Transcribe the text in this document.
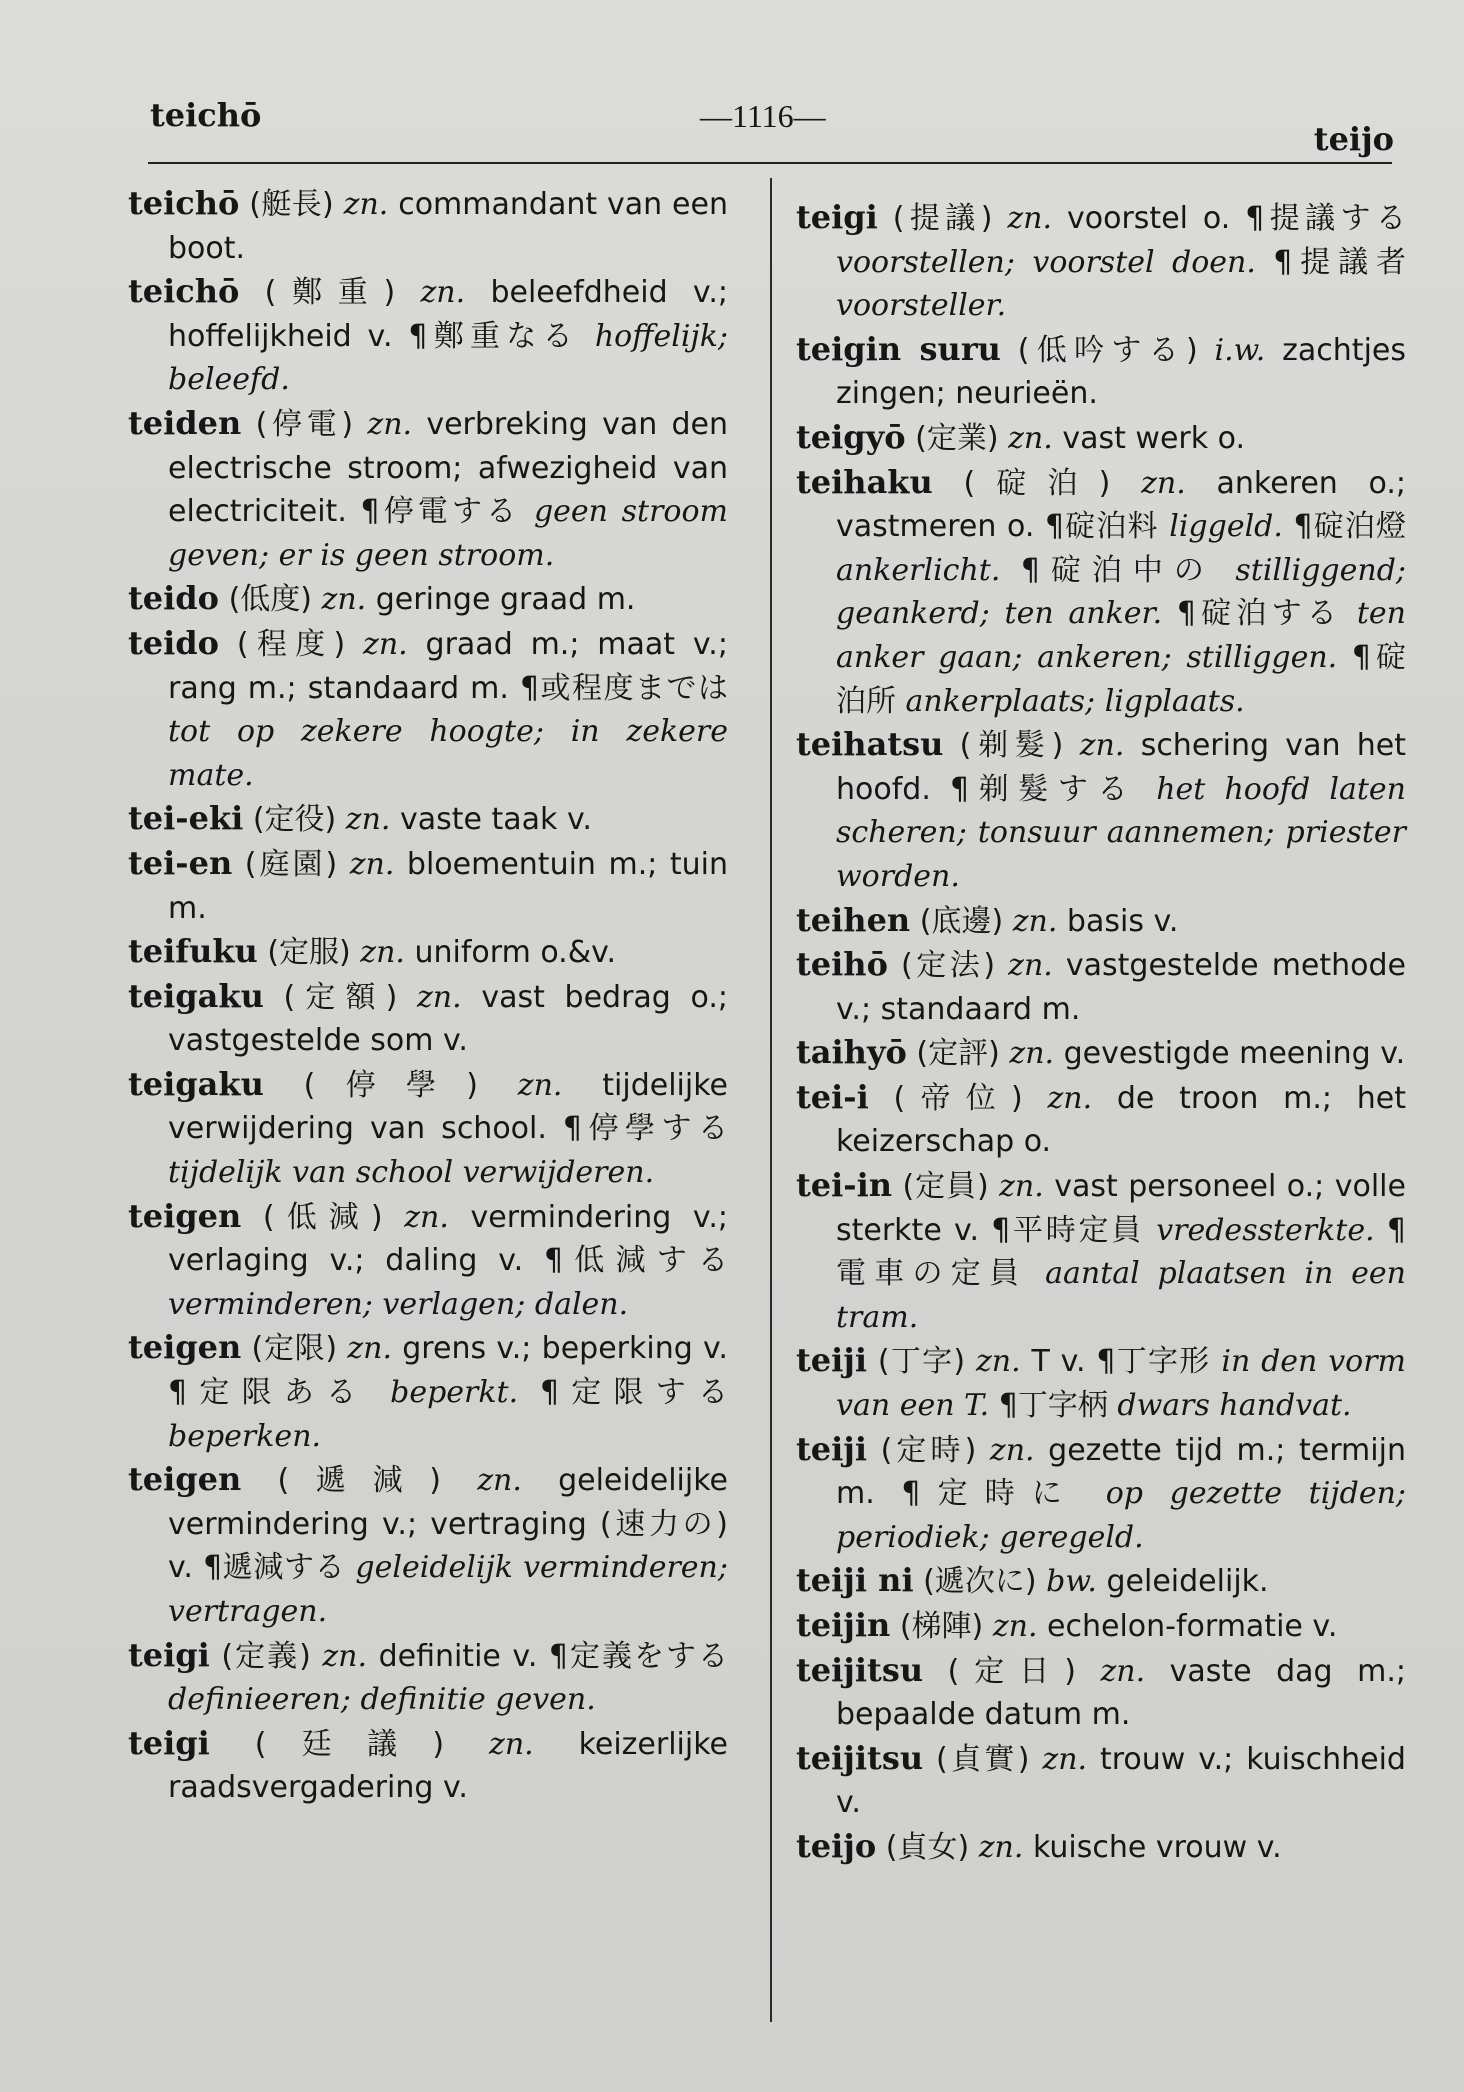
teichō	—1116—
teijo
teichō (艇長) zn. commandant van een boot.
teichō (鄭重) zn. beleefdheid v.; hoffelijkheid v. ¶鄭重なる hoffelijk; beleefd.
teiden (停電) zn. verbreking van den electrische stroom; afwezigheid van electriciteit. ¶停電する geen stroom geven; er is geen stroom.
teido (低度) zn. geringe graad m.
teido (程度) zn. graad m.; maat v.; rang m.; standaard m. ¶或程度までは tot op zekere hoogte; in zekere mate.
tei-eki (定役) zn. vaste taak v.
tei-en (庭園) zn. bloementuin m.; tuin m.
teifuku (定服) zn. uniform o.&v.
teigaku (定額) zn. vast bedrag o.; vastgestelde som v.
teigaku (停學) zn. tijdelijke verwijdering van school. ¶停學する tijdelijk van school verwijderen.
teigen (低減) zn. vermindering v.; verlaging v.; daling v. ¶低減する verminderen; verlagen; dalen.
teigen (定限) zn. grens v.; beperking v. ¶定限ある beperkt. ¶定限する beperken.
teigen (遞減) zn. geleidelijke vermindering v.; vertraging (速力の) v. ¶遞減する geleidelijk verminderen; vertragen.
teigi (定義) zn. definitie v. ¶定義をする definieeren; definitie geven.
teigi (廷議) zn. keizerlijke raadsvergadering v.
teigi (提議) zn. voorstel o. ¶提議する voorstellen; voorstel doen. ¶提議者 voorsteller.
teigin suru (低吟する) i.w. zachtjes zingen; neurieën.
teigyō (定業) zn. vast werk o.
teihaku (碇泊) zn. ankeren o.; vastmeren o. ¶碇泊料 liggeld. ¶碇泊燈 ankerlicht. ¶碇泊中の stilliggend; geankerd; ten anker. ¶碇泊する ten anker gaan; ankeren; stilliggen. ¶碇泊所 ankerplaats; ligplaats.
teihatsu (剃髮) zn. schering van het hoofd. ¶剃髮する het hoofd laten scheren; tonsuur aannemen; priester worden.
teihen (底邊) zn. basis v.
teihō (定法) zn. vastgestelde methode v.; standaard m.
taihyō (定評) zn. gevestigde meening v.
tei-i (帝位) zn. de troon m.; het keizerschap o.
tei-in (定員) zn. vast personeel o.; volle sterkte v. ¶平時定員 vredessterkte. ¶電車の定員 aantal plaatsen in een tram.
teiji (丁字) zn. T v. ¶丁字形 in den vorm van een T. ¶丁字柄 dwars handvat.
teiji (定時) zn. gezette tijd m.; termijn m. ¶定時に op gezette tijden; periodiek; geregeld.
teiji ni (遞次に) bw. geleidelijk.
teijin (梯陣) zn. echelon-formatie v.
teijitsu (定日) zn. vaste dag m.; bepaalde datum m.
teijitsu (貞實) zn. trouw v.; kuischheid v.
teijo (貞女) zn. kuische vrouw v.
